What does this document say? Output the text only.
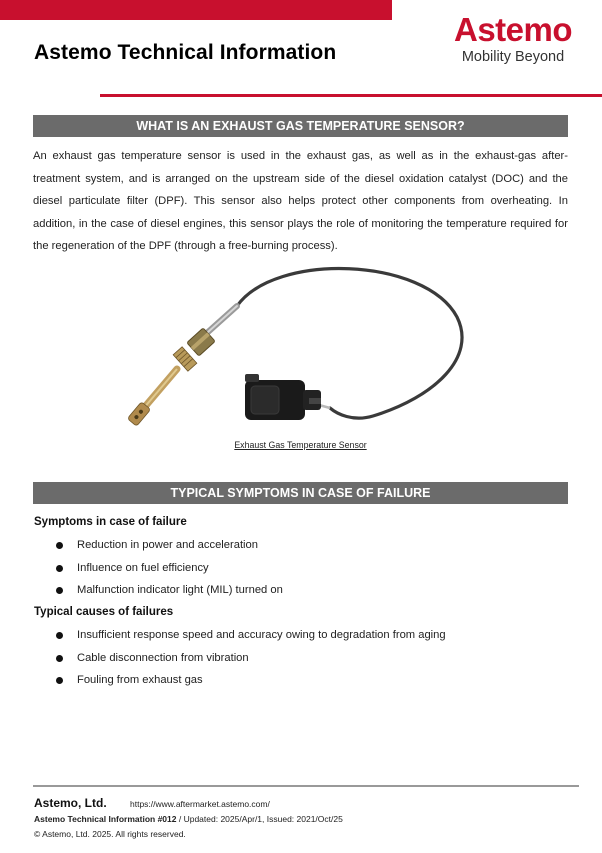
Astemo Technical Information
Astemo
Mobility Beyond
WHAT IS AN EXHAUST GAS TEMPERATURE SENSOR?

An exhaust gas temperature sensor is used in the exhaust gas, as well as in the exhaust-gas after-treatment system, and is arranged on the upstream side of the diesel oxidation catalyst (DOC) and the diesel particulate filter (DPF). This sensor also helps protect other components from overheating. In addition, in the case of diesel engines, this sensor plays the role of monitoring the temperature required for the regeneration of the DPF (through a free-burning process).

Exhaust Gas Temperature Sensor
TYPICAL SYMPTOMS IN CASE OF FAILURE
Symptoms in case of failure
Reduction in power and acceleration
Influence on fuel efficiency
Malfunction indicator light (MIL) turned on
Typical causes of failures
Insufficient response speed and accuracy owing to degradation from aging
Cable disconnection from vibration
Fouling from exhaust gas
Astemo, Ltd.	https://www.aftermarket.astemo.com/
Astemo Technical Information #012 / Updated: 2025/Apr/1, Issued: 2021/Oct/25
© Astemo, Ltd. 2025. All rights reserved.
